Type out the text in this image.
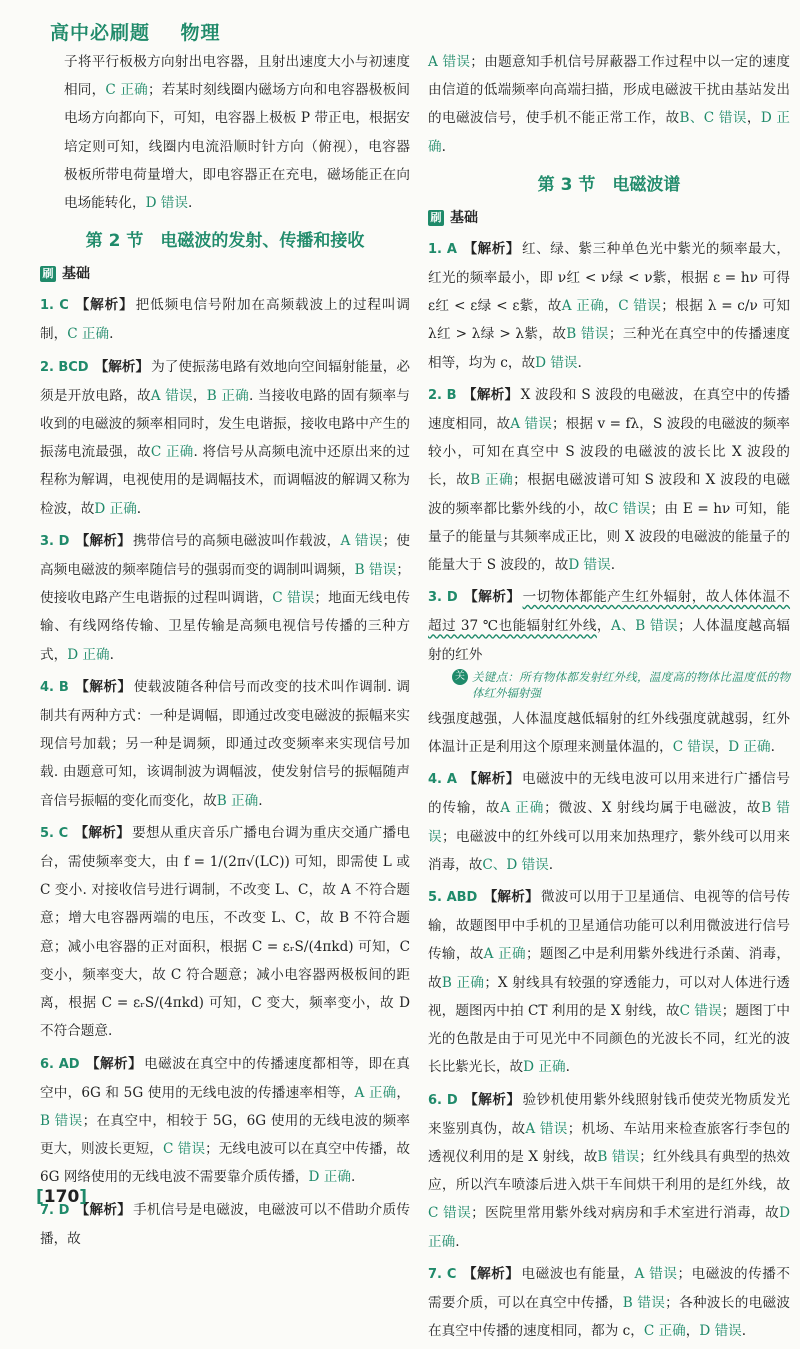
高中必刷题 物理

子将平行板极方向射出电容器，且射出速度大小与初速度相同，C 正确；若某时刻线圈内磁场方向和电容器极板间电场方向都向下，可知，电容器上极板 P 带正电，根据安培定则可知，线圈内电流沿顺时针方向（俯视），电容器极板所带电荷量增大，即电容器正在充电，磁场能正在向电场能转化，D 错误.

第 2 节　电磁波的发射、传播和接收
刷 基础

1. C 【解析】 把低频电信号附加在高频载波上的过程叫调制，C 正确.

2. BCD 【解析】 为了使振荡电路有效地向空间辐射能量，必须是开放电路，故A 错误，B 正确. 当接收电路的固有频率与收到的电磁波的频率相同时，发生电谐振，接收电路中产生的振荡电流最强，故C 正确. 将信号从高频电流中还原出来的过程称为解调，电视使用的是调幅技术，而调幅波的解调又称为检波，故D 正确.

3. D 【解析】 携带信号的高频电磁波叫作载波，A 错误；使高频电磁波的频率随信号的强弱而变的调制叫调频，B 错误；使接收电路产生电谐振的过程叫调谐，C 错误；地面无线电传输、有线网络传输、卫星传输是高频电视信号传播的三种方式，D 正确.

4. B 【解析】 使载波随各种信号而改变的技术叫作调制. 调制共有两种方式：一种是调幅，即通过改变电磁波的振幅来实现信号加载；另一种是调频，即通过改变频率来实现信号加载. 由题意可知，该调制波为调幅波，使发射信号的振幅随声音信号振幅的变化而变化，故B 正确.

5. C 【解析】 要想从重庆音乐广播电台调为重庆交通广播电台，需使频率变大，由 f = 1/(2π√(LC)) 可知，即需使 L 或 C 变小. 对接收信号进行调制，不改变 L、C，故 A 不符合题意；增大电容器两端的电压，不改变 L、C，故 B 不符合题意；减小电容器的正对面积，根据 C = εᵣS/(4πkd) 可知，C 变小，频率变大，故 C 符合题意；减小电容器两极板间的距离，根据 C = εᵣS/(4πkd) 可知，C 变大，频率变小，故 D 不符合题意.

6. AD 【解析】 电磁波在真空中的传播速度都相等，即在真空中，6G 和 5G 使用的无线电波的传播速率相等，A 正确，B 错误；在真空中，相较于 5G，6G 使用的无线电波的频率更大，则波长更短，C 错误；无线电波可以在真空中传播，故 6G 网络使用的无线电波不需要靠介质传播，D 正确.

7. D 【解析】 手机信号是电磁波，电磁波可以不借助介质传播，故

A 错误；由题意知手机信号屏蔽器工作过程中以一定的速度由信道的低端频率向高端扫描，形成电磁波干扰由基站发出的电磁波信号，使手机不能正常工作，故B、C 错误，D 正确.

第 3 节　电磁波谱
刷 基础

1. A 【解析】 红、绿、紫三种单色光中紫光的频率最大，红光的频率最小，即 ν红 < ν绿 < ν紫，根据 ε = hν 可得 ε红 < ε绿 < ε紫，故A 正确，C 错误；根据 λ = c/ν 可知 λ红 > λ绿 > λ紫，故B 错误；三种光在真空中的传播速度相等，均为 c，故D 错误.

2. B 【解析】 X 波段和 S 波段的电磁波，在真空中的传播速度相同，故A 错误；根据 v = fλ，S 波段的电磁波的频率较小，可知在真空中 S 波段的电磁波的波长比 X 波段的长，故B 正确；根据电磁波谱可知 S 波段和 X 波段的电磁波的频率都比紫外线的小，故C 错误；由 E = hν 可知，能量子的能量与其频率成正比，则 X 波段的电磁波的能量子的能量大于 S 波段的，故D 错误.

3. D 【解析】 一切物体都能产生红外辐射，故人体体温不超过 37 ℃也能辐射红外线，A、B 错误；人体温度越高辐射的红外

关 关键点：所有物体都发射红外线，温度高的物体比温度低的物体红外辐射强

线强度越强，人体温度越低辐射的红外线强度就越弱，红外体温计正是利用这个原理来测量体温的，C 错误，D 正确.

4. A 【解析】 电磁波中的无线电波可以用来进行广播信号的传输，故A 正确；微波、X 射线均属于电磁波，故B 错误；电磁波中的红外线可以用来加热理疗，紫外线可以用来消毒，故C、D 错误.

5. ABD 【解析】 微波可以用于卫星通信、电视等的信号传输，故题图甲中手机的卫星通信功能可以利用微波进行信号传输，故A 正确；题图乙中是利用紫外线进行杀菌、消毒，故B 正确；X 射线具有较强的穿透能力，可以对人体进行透视，题图丙中拍 CT 利用的是 X 射线，故C 错误；题图丁中光的色散是由于可见光中不同颜色的光波长不同，红光的波长比紫光长，故D 正确.

6. D 【解析】 验钞机使用紫外线照射钱币使荧光物质发光来鉴别真伪，故A 错误；机场、车站用来检查旅客行李包的透视仪利用的是 X 射线，故B 错误；红外线具有典型的热效应，所以汽车喷漆后进入烘干车间烘干利用的是红外线，故C 错误；医院里常用紫外线对病房和手术室进行消毒，故D 正确.

7. C 【解析】 电磁波也有能量，A 错误；电磁波的传播不需要介质，可以在真空中传播，B 错误；各种波长的电磁波在真空中传播的速度相同，都为 c，C 正确，D 错误.

[170]
